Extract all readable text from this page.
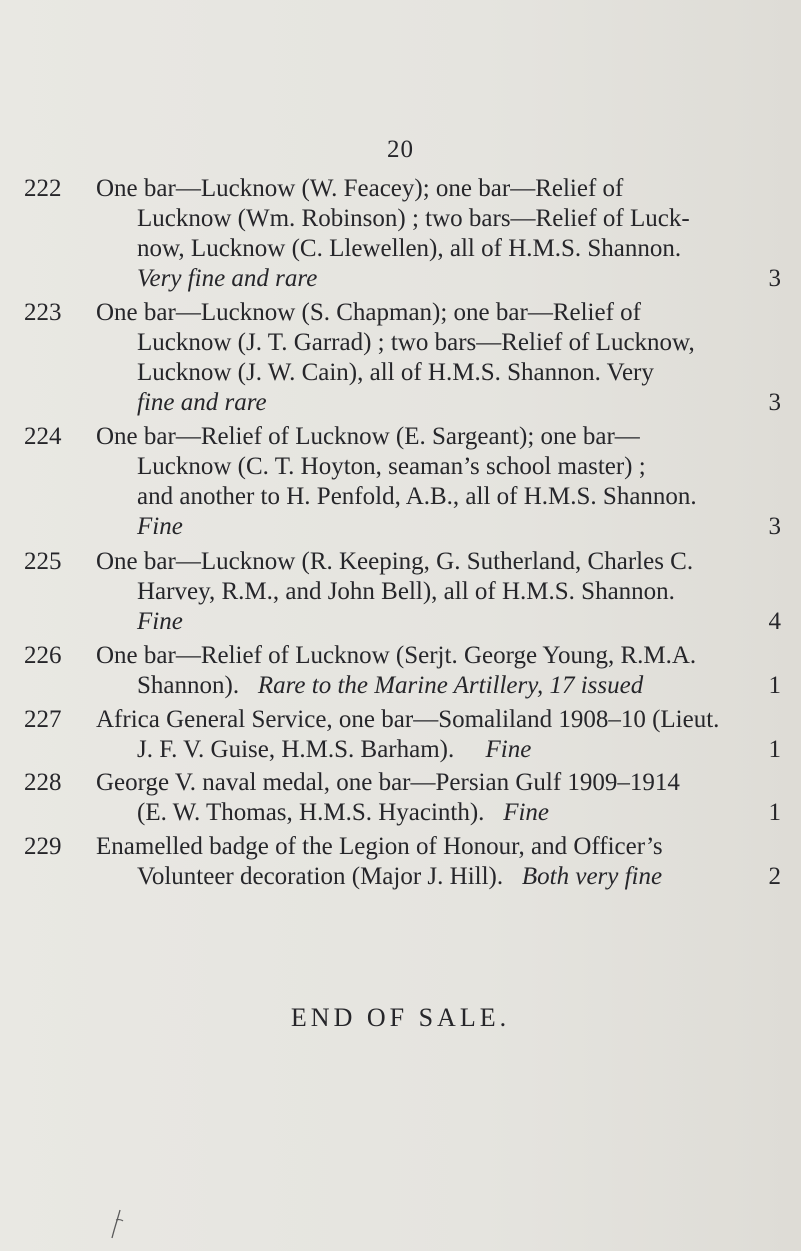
20
222	One bar—Lucknow (W. Feacey); one bar—Relief of
Lucknow (Wm. Robinson) ; two bars—Relief of Luck-
now, Lucknow (C. Llewellen), all of H.M.S. Shannon.
Very fine and rare	3
223	One bar—Lucknow (S. Chapman); one bar—Relief of
Lucknow (J. T. Garrad) ; two bars—Relief of Lucknow,
Lucknow (J. W. Cain), all of H.M.S. Shannon. Very
fine and rare	3
224	One bar—Relief of Lucknow (E. Sargeant); one bar—
Lucknow (C. T. Hoyton, seaman’s school master) ;
and another to H. Penfold, A.B., all of H.M.S. Shannon.
Fine	3
225	One bar—Lucknow (R. Keeping, G. Sutherland, Charles C.
Harvey, R.M., and John Bell), all of H.M.S. Shannon.
Fine	4
226	One bar—Relief of Lucknow (Serjt. George Young, R.M.A.
Shannon). Rare to the Marine Artillery, 17 issued	1
227	Africa General Service, one bar—Somaliland 1908–10 (Lieut.
J. F. V. Guise, H.M.S. Barham). Fine	1
228	George V. naval medal, one bar—Persian Gulf 1909–1914
(E. W. Thomas, H.M.S. Hyacinth). Fine	1
229	Enamelled badge of the Legion of Honour, and Officer’s
Volunteer decoration (Major J. Hill). Both very fine	2
END OF SALE.
